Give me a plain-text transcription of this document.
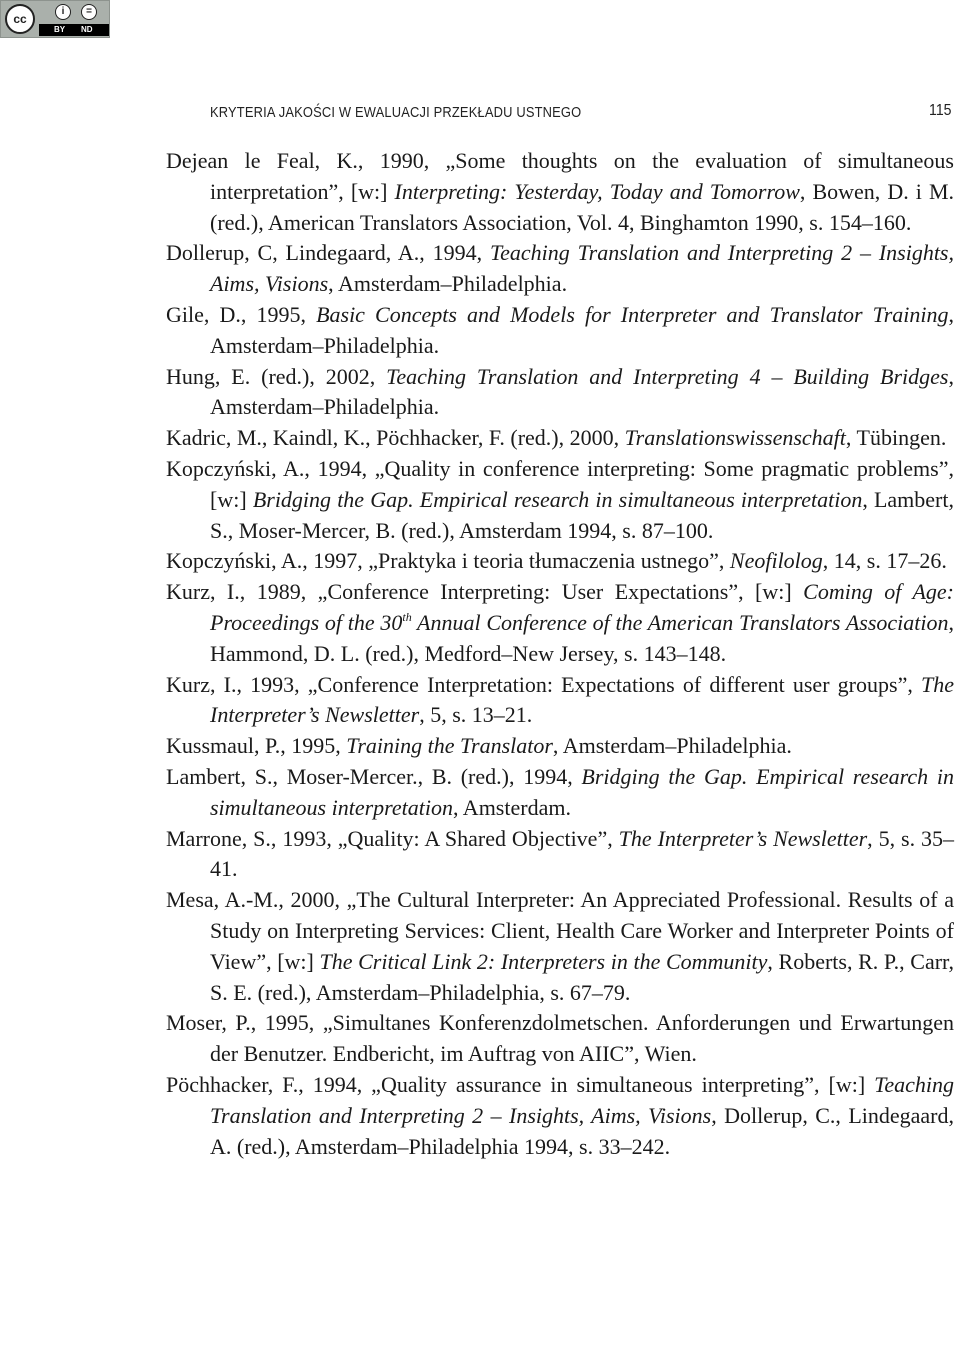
cc
i	=
BY ND
KRYTERIA JAKOŚCI W EWALUACJI PRZEKŁADU USTNEGO	115

Dejean le Feal, K., 1990, „Some thoughts on the evaluation of simultaneous interpretation”, [w:] Interpreting: Yesterday, Today and Tomorrow, Bowen, D. i M. (red.), American Translators Association, Vol. 4, Binghamton 1990, s. 154–160.

Dollerup, C, Lindegaard, A., 1994, Teaching Translation and Interpreting 2 – Insights, Aims, Visions, Amsterdam–Philadelphia.

Gile, D., 1995, Basic Concepts and Models for Interpreter and Translator Training, Amsterdam–Philadelphia.

Hung, E. (red.), 2002, Teaching Translation and Interpreting 4 – Building Bridges, Amsterdam–Philadelphia.

Kadric, M., Kaindl, K., Pöchhacker, F. (red.), 2000, Translationswissenschaft, Tübingen.

Kopczyński, A., 1994, „Quality in conference interpreting: Some pragmatic problems”, [w:] Bridging the Gap. Empirical research in simultaneous interpretation, Lambert, S., Moser-Mercer, B. (red.), Amsterdam 1994, s. 87–100.

Kopczyński, A., 1997, „Praktyka i teoria tłumaczenia ustnego”, Neofilolog, 14, s. 17–26.

Kurz, I., 1989, „Conference Interpreting: User Expectations”, [w:] Coming of Age: Proceedings of the 30th Annual Conference of the American Translators Association, Hammond, D. L. (red.), Medford–New Jersey, s. 143–148.

Kurz, I., 1993, „Conference Interpretation: Expectations of different user groups”, The Interpreter’s Newsletter, 5, s. 13–21.

Kussmaul, P., 1995, Training the Translator, Amsterdam–Philadelphia.

Lambert, S., Moser-Mercer., B. (red.), 1994, Bridging the Gap. Empirical research in simultaneous interpretation, Amsterdam.

Marrone, S., 1993, „Quality: A Shared Objective”, The Interpreter’s Newsletter, 5, s. 35–41.

Mesa, A.-M., 2000, „The Cultural Interpreter: An Appreciated Professional. Results of a Study on Interpreting Services: Client, Health Care Worker and Interpreter Points of View”, [w:] The Critical Link 2: Interpreters in the Community, Roberts, R. P., Carr, S. E. (red.), Amsterdam–Philadelphia, s. 67–79.

Moser, P., 1995, „Simultanes Konferenzdolmetschen. Anforderungen und Erwartungen der Benutzer. Endbericht, im Auftrag von AIIC”, Wien.

Pöchhacker, F., 1994, „Quality assurance in simultaneous interpreting”, [w:] Teaching Translation and Interpreting 2 – Insights, Aims, Visions, Dollerup, C., Lindegaard, A. (red.), Amsterdam–Philadelphia 1994, s. 33–242.
